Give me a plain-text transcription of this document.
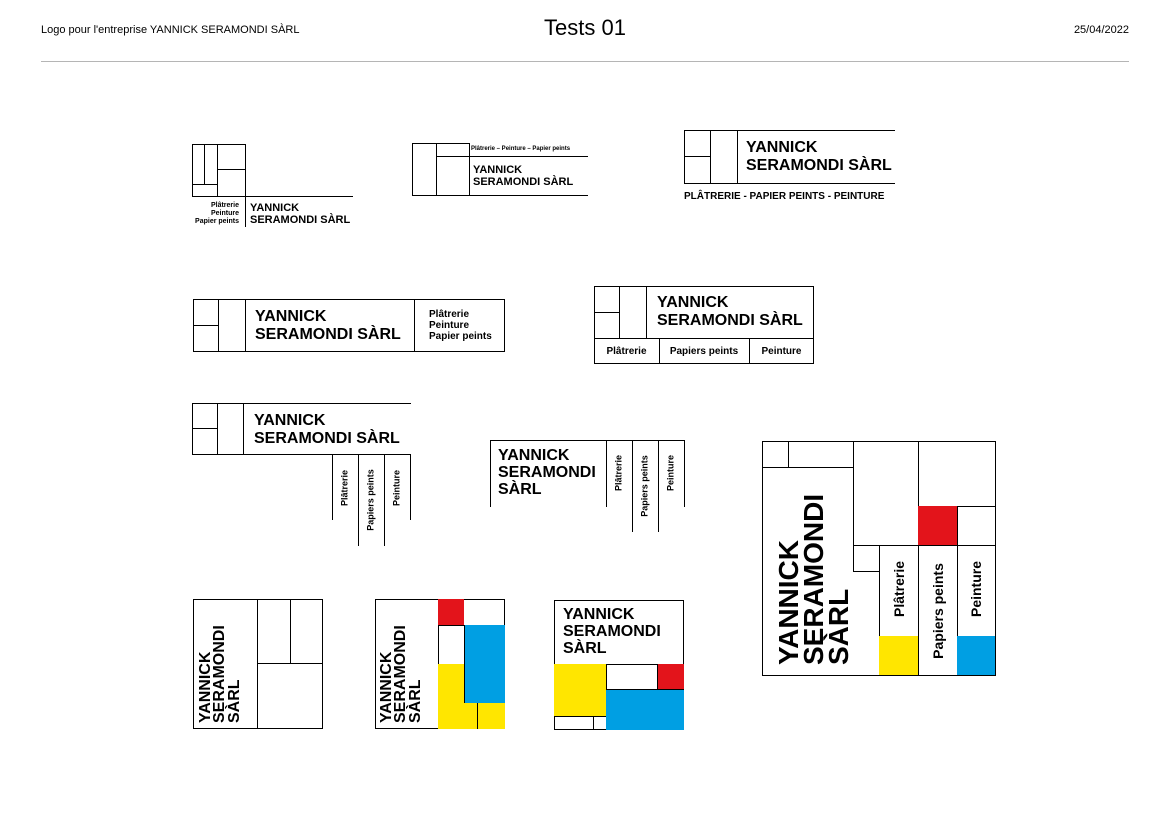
Logo pour l'entreprise YANNICK SERAMONDI SÀRL	Tests 01	25/04/2022
Plâtrerie
Peinture
Papier peints
YANNICK
SERAMONDI SÀRL
Plâtrerie – Peinture – Papier peints
YANNICK
SERAMONDI SÀRL
YANNICK
SERAMONDI SÀRL
PLÂTRERIE - PAPIER PEINTS - PEINTURE
YANNICK
SERAMONDI SÀRL
Plâtrerie
Peinture
Papier peints
YANNICK
SERAMONDI SÀRL
Plâtrerie	Papiers peints	Peinture
YANNICK
SERAMONDI SÀRL
Plâtrerie Papiers peints Peinture
YANNICK
SERAMONDI
SÀRL	Plâtrerie Papiers peints Peinture
YANNICK
SERAMONDI
SÀRL	Plâtrerie Papiers peints Peinture
YANNICK
SERAMONDI
SÀRL	YANNICK
SERAMONDI
SÀRL
YANNICK
SERAMONDI
SÀRL
